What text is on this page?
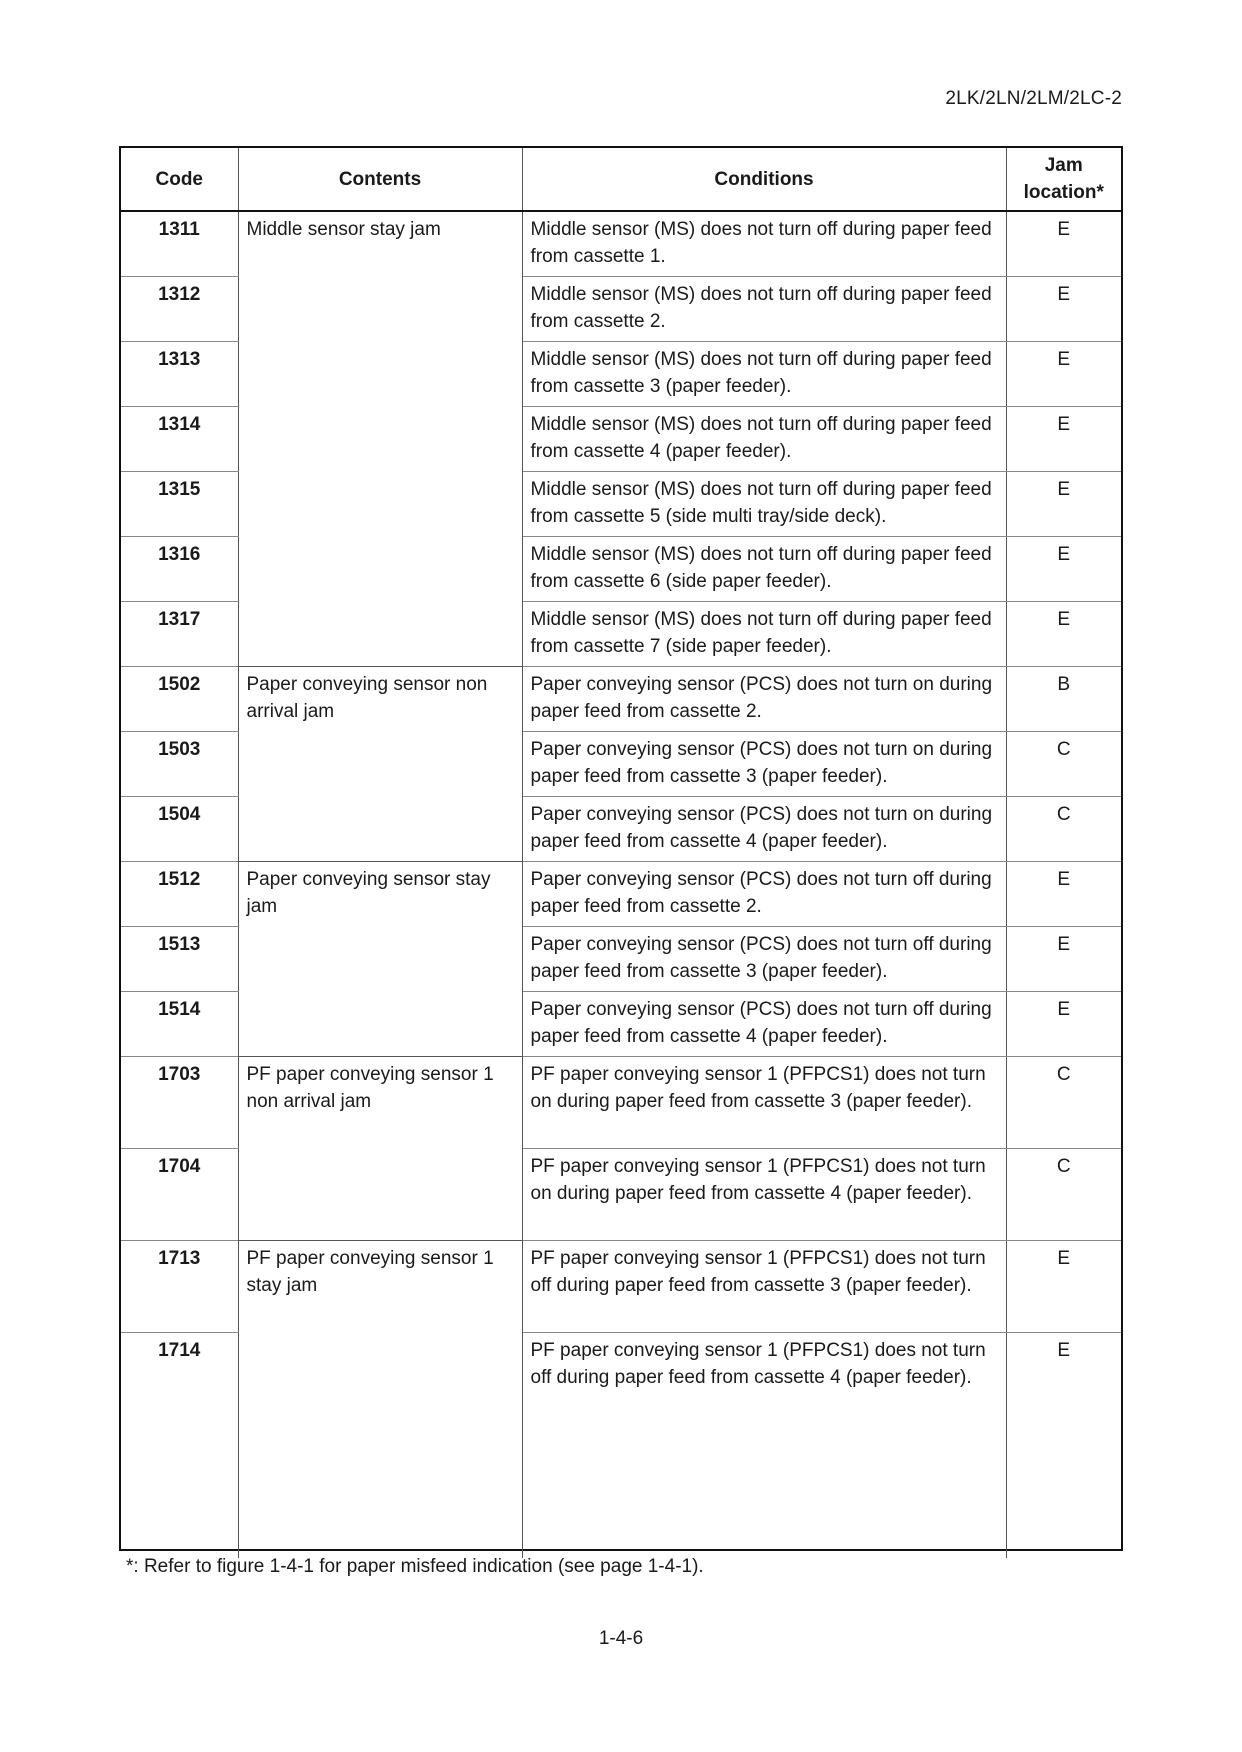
2LK/2LN/2LM/2LC-2
Code	Contents	Conditions	Jam location*
1311	Middle sensor stay jam	Middle sensor (MS) does not turn off during paper feed from cassette 1.	E
1312		Middle sensor (MS) does not turn off during paper feed from cassette 2.	E
1313		Middle sensor (MS) does not turn off during paper feed from cassette 3 (paper feeder).	E
1314		Middle sensor (MS) does not turn off during paper feed from cassette 4 (paper feeder).	E
1315		Middle sensor (MS) does not turn off during paper feed from cassette 5 (side multi tray/side deck).	E
1316		Middle sensor (MS) does not turn off during paper feed from cassette 6 (side paper feeder).	E
1317		Middle sensor (MS) does not turn off during paper feed from cassette 7 (side paper feeder).	E
1502	Paper conveying sensor non arrival jam	Paper conveying sensor (PCS) does not turn on during paper feed from cassette 2.	B
1503		Paper conveying sensor (PCS) does not turn on during paper feed from cassette 3 (paper feeder).	C
1504		Paper conveying sensor (PCS) does not turn on during paper feed from cassette 4 (paper feeder).	C
1512	Paper conveying sensor stay jam	Paper conveying sensor (PCS) does not turn off during paper feed from cassette 2.	E
1513		Paper conveying sensor (PCS) does not turn off during paper feed from cassette 3 (paper feeder).	E
1514		Paper conveying sensor (PCS) does not turn off during paper feed from cassette 4 (paper feeder).	E
1703	PF paper conveying sensor 1 non arrival jam	PF paper conveying sensor 1 (PFPCS1) does not turn on during paper feed from cassette 3 (paper feeder).	C
1704		PF paper conveying sensor 1 (PFPCS1) does not turn on during paper feed from cassette 4 (paper feeder).	C
1713	PF paper conveying sensor 1 stay jam	PF paper conveying sensor 1 (PFPCS1) does not turn off during paper feed from cassette 3 (paper feeder).	E
1714		PF paper conveying sensor 1 (PFPCS1) does not turn off during paper feed from cassette 4 (paper feeder).	E
*: Refer to figure 1-4-1 for paper misfeed indication (see page 1-4-1).
1-4-6
